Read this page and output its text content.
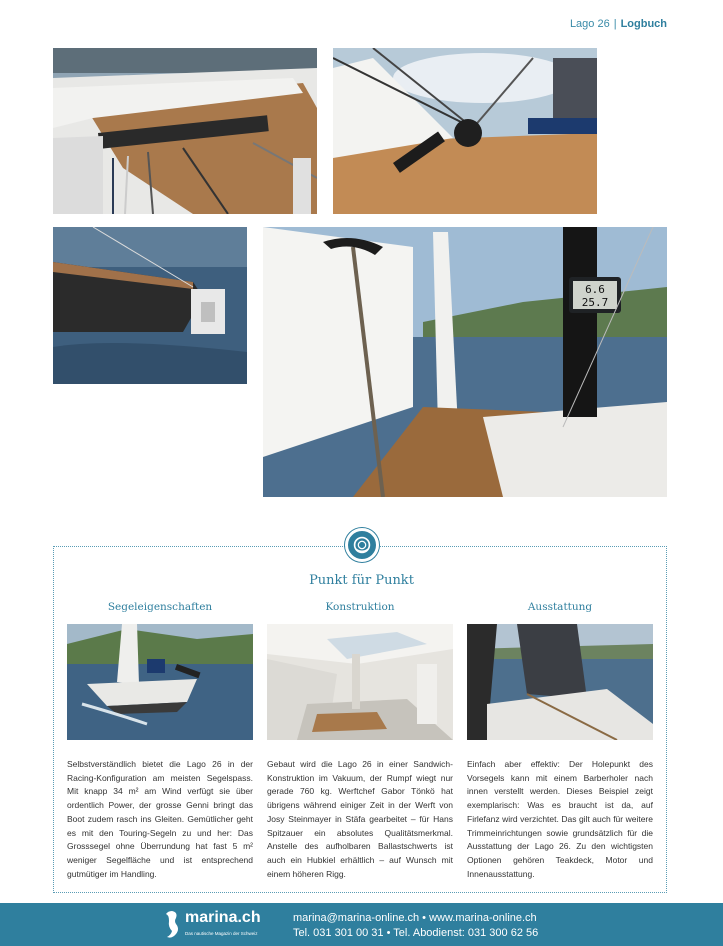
Lago 26 | Logbuch
6.6
25.7
Punkt für Punkt
Segeleigenschaften
Selbstverständlich bietet die Lago 26 in der Racing-Konfiguration am meisten Segelspass. Mit knapp 34 m² am Wind verfügt sie über ordentlich Power, der grosse Genni bringt das Boot zudem rasch ins Gleiten. Gemütlicher geht es mit den Touring-Segeln zu und her: Das Grosssegel ohne Überrundung hat fast 5 m² weniger Segelfläche und ist entsprechend gutmütiger im Handling.
Konstruktion
Gebaut wird die Lago 26 in einer Sandwich-Konstruktion im Vakuum, der Rumpf wiegt nur gerade 760 kg. Werftchef Gabor Tönkö hat übrigens während einiger Zeit in der Werft von Josy Steinmayer in Stäfa gearbeitet – für Hans Spitzauer ein absolutes Qualitätsmerkmal. Anstelle des aufholbaren Ballastschwerts ist auch ein Hubkiel erhältlich – auf Wunsch mit einem höheren Rigg.
Ausstattung
Einfach aber effektiv: Der Holepunkt des Vorsegels kann mit einem Barberholer nach innen verstellt werden. Dieses Beispiel zeigt exemplarisch: Was es braucht ist da, auf Firlefanz wird verzichtet. Das gilt auch für weitere Trimmeinrichtungen sowie grundsätzlich für die Ausstattung der Lago 26. Zu den wichtigsten Optionen gehören Teakdeck, Motor und Innenausstattung.
marina.ch
Das nautische Magazin der Schweiz
marina@marina-online.ch • www.marina-online.ch
Tel. 031 301 00 31 • Tel. Abodienst: 031 300 62 56
